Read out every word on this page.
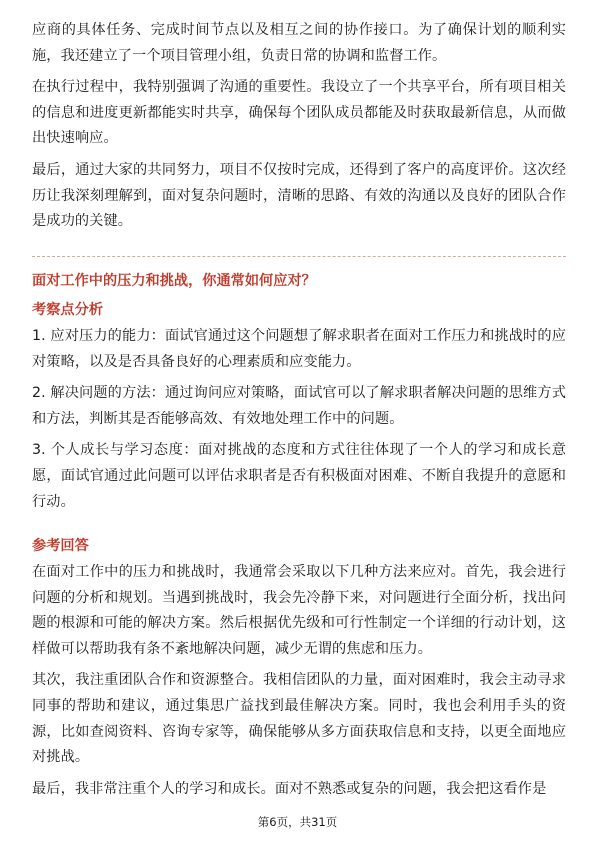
应商的具体任务、完成时间节点以及相互之间的协作接口。为了确保计划的顺利实施，我还建立了一个项目管理小组，负责日常的协调和监督工作。

在执行过程中，我特别强调了沟通的重要性。我设立了一个共享平台，所有项目相关的信息和进度更新都能实时共享，确保每个团队成员都能及时获取最新信息，从而做出快速响应。

最后，通过大家的共同努力，项目不仅按时完成，还得到了客户的高度评价。这次经历让我深刻理解到，面对复杂问题时，清晰的思路、有效的沟通以及良好的团队合作是成功的关键。

面对工作中的压力和挑战，你通常如何应对？

考察点分析

1. 应对压力的能力：面试官通过这个问题想了解求职者在面对工作压力和挑战时的应对策略，以及是否具备良好的心理素质和应变能力。

2. 解决问题的方法：通过询问应对策略，面试官可以了解求职者解决问题的思维方式和方法，判断其是否能够高效、有效地处理工作中的问题。

3. 个人成长与学习态度：面对挑战的态度和方式往往体现了一个人的学习和成长意愿，面试官通过此问题可以评估求职者是否有积极面对困难、不断自我提升的意愿和行动。

参考回答

在面对工作中的压力和挑战时，我通常会采取以下几种方法来应对。首先，我会进行问题的分析和规划。当遇到挑战时，我会先冷静下来，对问题进行全面分析，找出问题的根源和可能的解决方案。然后根据优先级和可行性制定一个详细的行动计划，这样做可以帮助我有条不紊地解决问题，减少无谓的焦虑和压力。

其次，我注重团队合作和资源整合。我相信团队的力量，面对困难时，我会主动寻求同事的帮助和建议，通过集思广益找到最佳解决方案。同时，我也会利用手头的资源，比如查阅资料、咨询专家等，确保能够从多方面获取信息和支持，以更全面地应对挑战。

最后，我非常注重个人的学习和成长。面对不熟悉或复杂的问题，我会把这看作是

第6页，共31页
